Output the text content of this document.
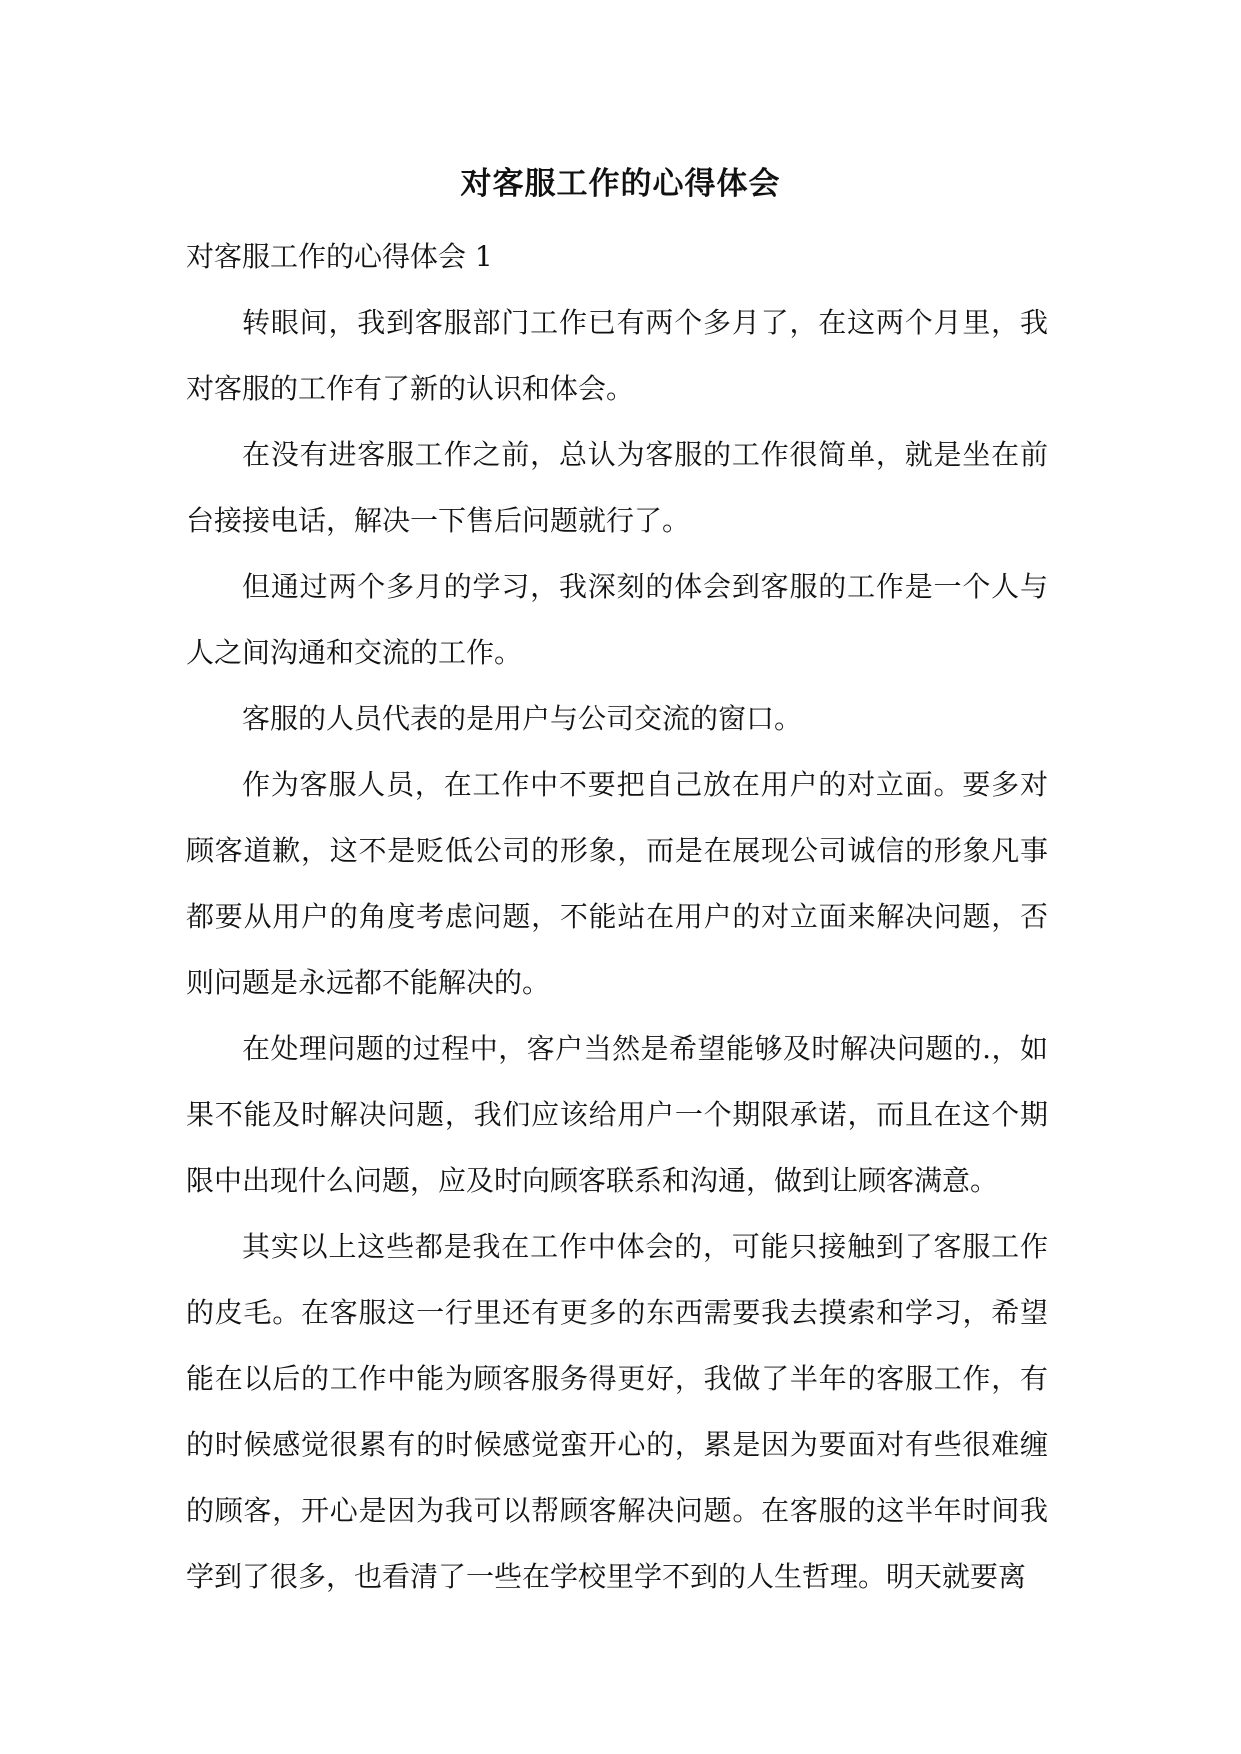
对客服工作的心得体会

对客服工作的心得体会 1

转眼间，我到客服部门工作已有两个多月了，在这两个月里，我对客服的工作有了新的认识和体会。

在没有进客服工作之前，总认为客服的工作很简单，就是坐在前台接接电话，解决一下售后问题就行了。

但通过两个多月的学习，我深刻的体会到客服的工作是一个人与人之间沟通和交流的工作。

客服的人员代表的是用户与公司交流的窗口。

作为客服人员，在工作中不要把自己放在用户的对立面。要多对顾客道歉，这不是贬低公司的形象，而是在展现公司诚信的形象凡事都要从用户的角度考虑问题，不能站在用户的对立面来解决问题，否则问题是永远都不能解决的。

在处理问题的过程中，客户当然是希望能够及时解决问题的.，如果不能及时解决问题，我们应该给用户一个期限承诺，而且在这个期限中出现什么问题，应及时向顾客联系和沟通，做到让顾客满意。

其实以上这些都是我在工作中体会的，可能只接触到了客服工作的皮毛。在客服这一行里还有更多的东西需要我去摸索和学习，希望能在以后的工作中能为顾客服务得更好，我做了半年的客服工作，有的时候感觉很累有的时候感觉蛮开心的，累是因为要面对有些很难缠的顾客，开心是因为我可以帮顾客解决问题。在客服的这半年时间我学到了很多，也看清了一些在学校里学不到的人生哲理。明天就要离
